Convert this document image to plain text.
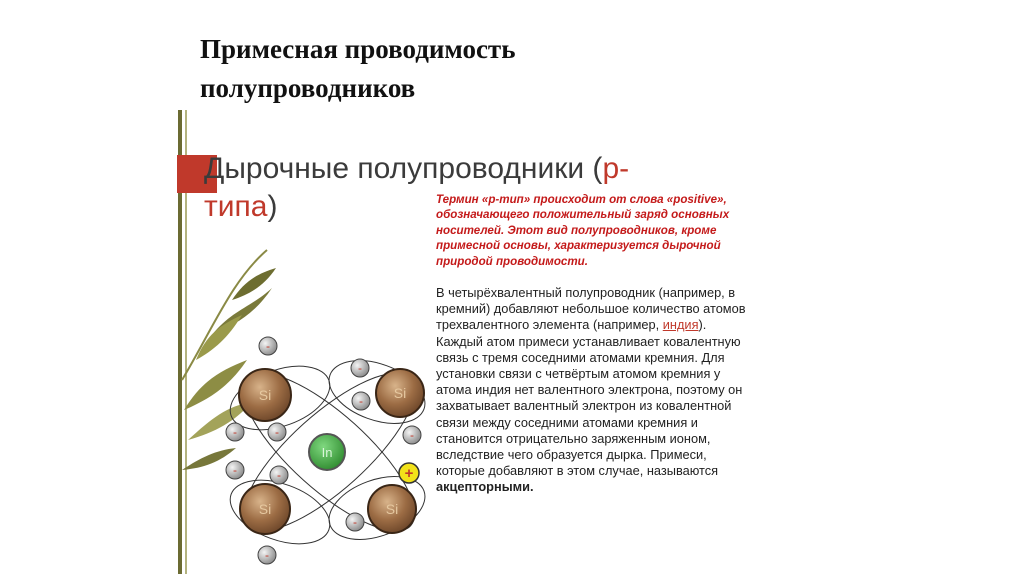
Примесная проводимость
полупроводников
Дырочные полупроводники (p-
типа)	Термин «p-тип» происходит от слова «positive», обозначающего положительный заряд основных носителей. Этот вид полупроводников, кроме примесной основы, характеризуется дырочной природой проводимости.
В четырёхвалентный полупроводник (например, в кремний) добавляют небольшое количество атомов трехвалентного элемента (например, индия). Каждый атом примеси устанавливает ковалентную связь с тремя соседними атомами кремния. Для установки связи с четвёртым атомом кремния у атома индия нет валентного электрона, поэтому он захватывает валентный электрон из ковалентной связи между соседними атомами кремния и становится отрицательно заряженным ионом, вследствие чего образуется дырка. Примеси, которые добавляют в этом случае, называются акцепторными.
Si	Si
Si	Si
In
-
-
-
-	-	-
-	-
-
-
+
